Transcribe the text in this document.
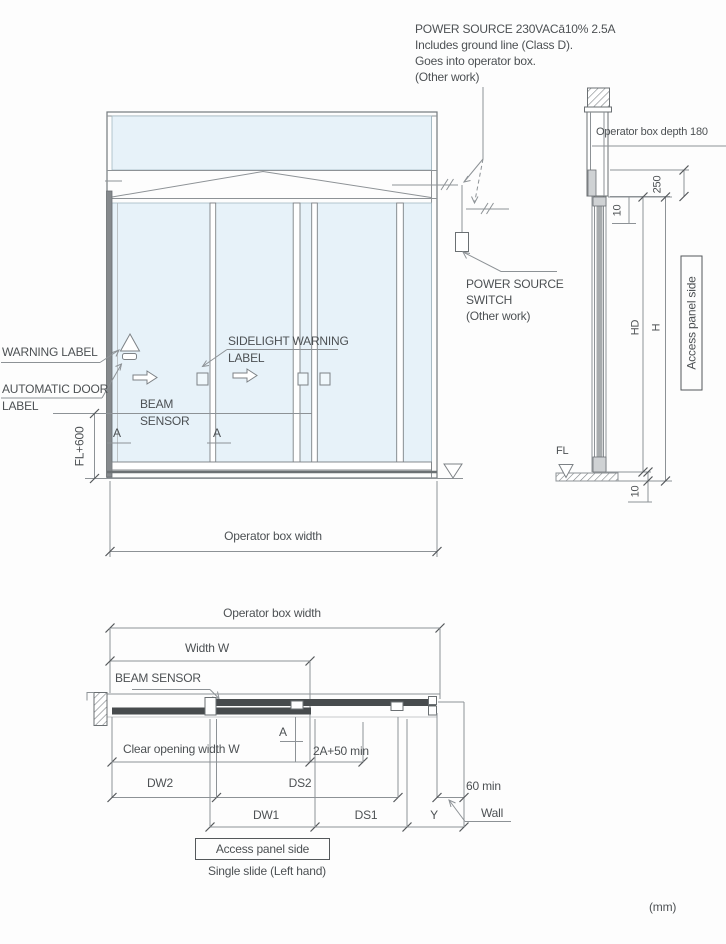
POWER SOURCE 230VACā10% 2.5A
Includes ground line (Class D).
Goes into operator box.
(Other work)
POWER SOURCE
SWITCH
(Other work)
WARNING LABEL
AUTOMATIC DOOR
LABEL
SIDELIGHT WARNING
LABEL
BEAM
SENSOR
A	A
FL+600
Operator box width
Operator box depth 180
250
10
HD H
FL
10
Access panel side
Operator box width
Width W
BEAM SENSOR
A
Clear opening width W	2A+50 min
DW2	DS2	60 min
DW1	DS1	Y	Wall
Access panel side
Single slide (Left hand)
(mm)
